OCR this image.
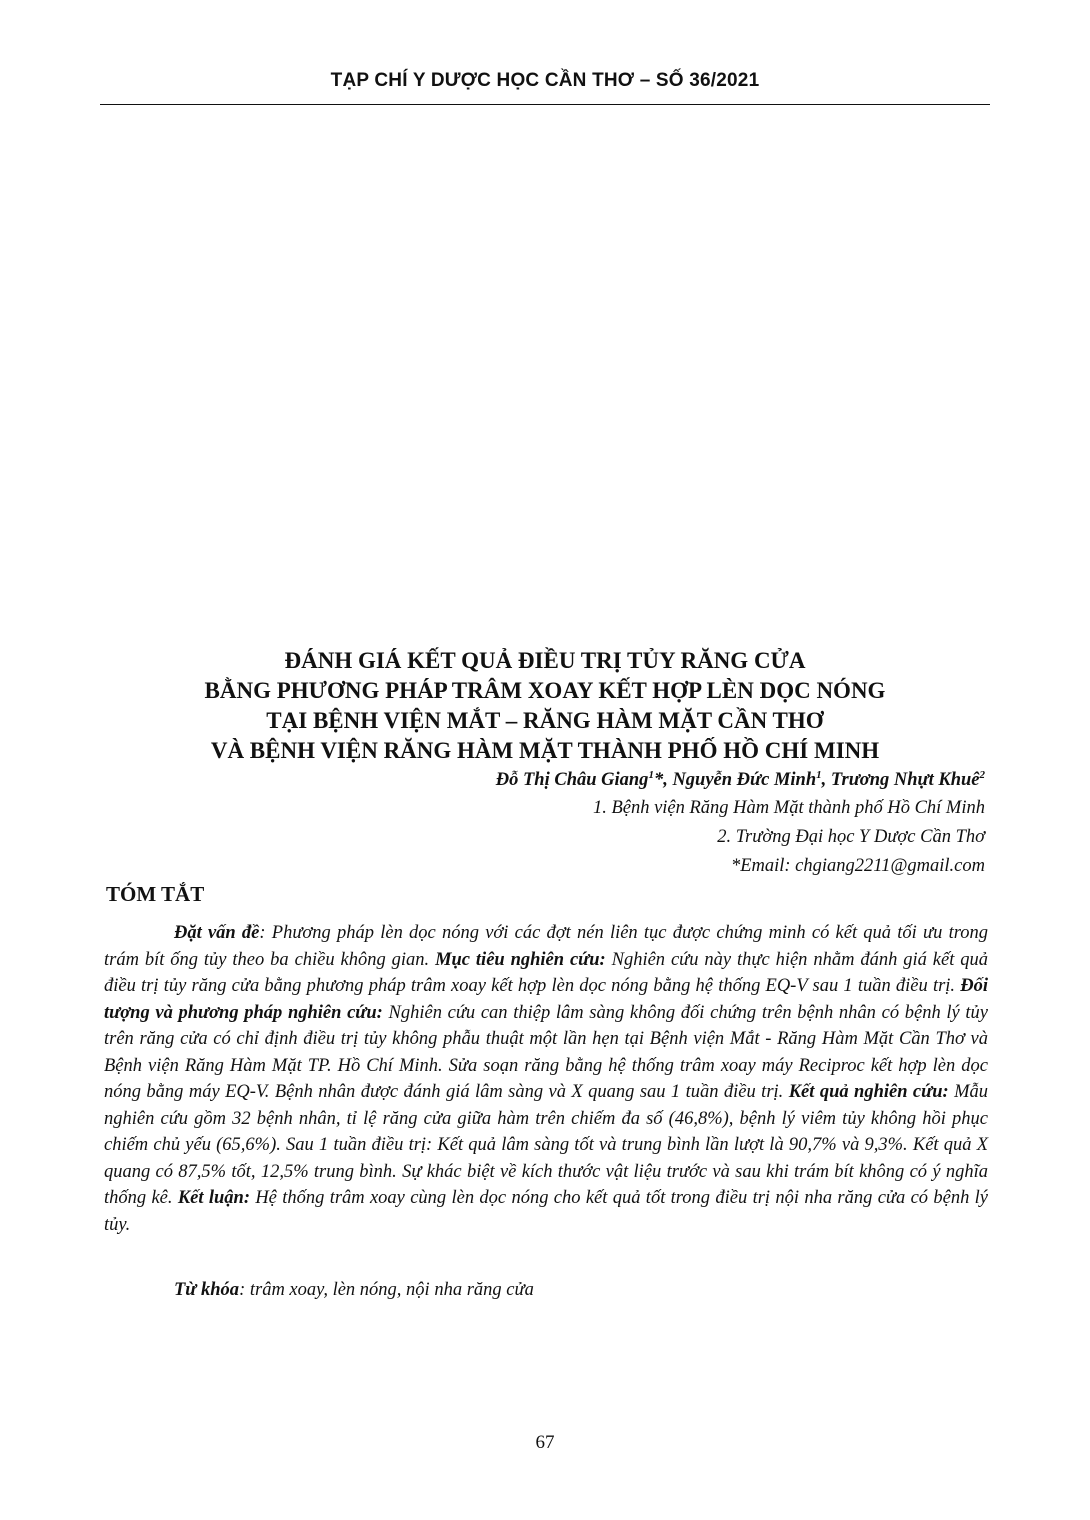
TẠP CHÍ Y DƯỢC HỌC CẦN THƠ – SỐ 36/2021
ĐÁNH GIÁ KẾT QUẢ ĐIỀU TRỊ TỦY RĂNG CỬA
BẰNG PHƯƠNG PHÁP TRÂM XOAY KẾT HỢP LÈN DỌC NÓNG
TẠI BỆNH VIỆN MẮT – RĂNG HÀM MẶT CẦN THƠ
VÀ BỆNH VIỆN RĂNG HÀM MẶT THÀNH PHỐ HỒ CHÍ MINH
Đỗ Thị Châu Giang$^1$*, Nguyễn Đức Minh$^1$, Trương Nhựt Khuê$^2$
1. Bệnh viện Răng Hàm Mặt thành phố Hồ Chí Minh
2. Trường Đại học Y Dược Cần Thơ
*Email: chgiang2211@gmail.com
TÓM TẮT

Đặt vấn đề: Phương pháp lèn dọc nóng với các đợt nén liên tục được chứng minh có kết quả tối ưu trong trám bít ống tủy theo ba chiều không gian. Mục tiêu nghiên cứu: Nghiên cứu này thực hiện nhằm đánh giá kết quả điều trị tủy răng cửa bằng phương pháp trâm xoay kết hợp lèn dọc nóng bằng hệ thống EQ-V sau 1 tuần điều trị. Đối tượng và phương pháp nghiên cứu: Nghiên cứu can thiệp lâm sàng không đối chứng trên bệnh nhân có bệnh lý tủy trên răng cửa có chỉ định điều trị tủy không phẫu thuật một lần hẹn tại Bệnh viện Mắt - Răng Hàm Mặt Cần Thơ và Bệnh viện Răng Hàm Mặt TP. Hồ Chí Minh. Sửa soạn răng bằng hệ thống trâm xoay máy Reciproc kết hợp lèn dọc nóng bằng máy EQ-V. Bệnh nhân được đánh giá lâm sàng và X quang sau 1 tuần điều trị. Kết quả nghiên cứu: Mẫu nghiên cứu gồm 32 bệnh nhân, tỉ lệ răng cửa giữa hàm trên chiếm đa số (46,8%), bệnh lý viêm tủy không hồi phục chiếm chủ yếu (65,6%). Sau 1 tuần điều trị: Kết quả lâm sàng tốt và trung bình lần lượt là 90,7% và 9,3%. Kết quả X quang có 87,5% tốt, 12,5% trung bình. Sự khác biệt về kích thước vật liệu trước và sau khi trám bít không có ý nghĩa thống kê. Kết luận: Hệ thống trâm xoay cùng lèn dọc nóng cho kết quả tốt trong điều trị nội nha răng cửa có bệnh lý tủy.

Từ khóa: trâm xoay, lèn nóng, nội nha răng cửa
67
